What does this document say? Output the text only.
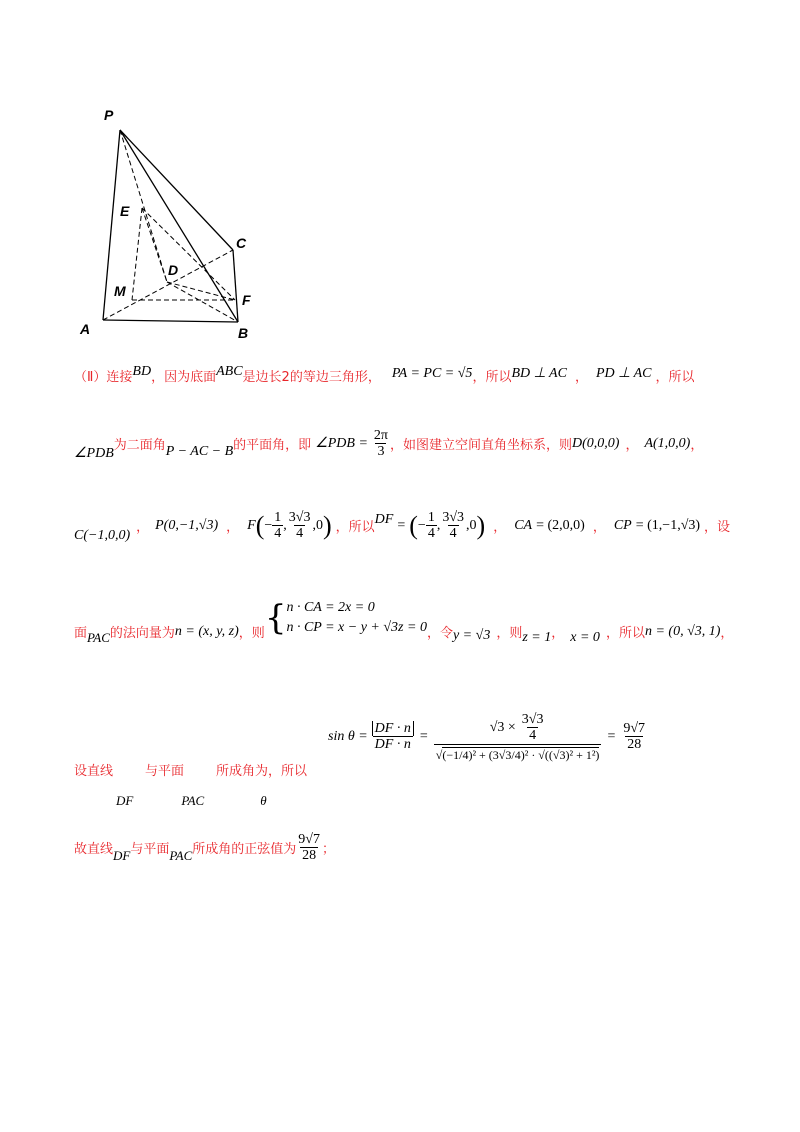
P
E
C
D
M
F
A	B
（Ⅱ）连接BD，因为底面ABC是边长2的等边三角形， PA = PC = √5，所以BD ⊥ AC ， PD ⊥ AC ，所以
∠PDB
为二面角 P − AC − B 的平面角，即 ∠PDB = $\frac{2\pi}{3}$ ，如图建立空间直角坐标系，则 D(0,0,0) ， A(1,0,0) ，
C(−1,0,0) ， P(0,−1,√3) ， F ( − $\frac{1}{4}$ , $\frac{3√3}{4} ,0$ ) ，所以
DF = ( − $\frac{1}{4}$ , $\frac{3√3}{4} ,0$ ) ， CA = (2,0,0) ， CP = (1,−1,√3) ，设
面 PAC 的法向量为 n = (x, y, z) ，则 { n · CA = 2x = 0
n · CP = x − y + √3z = 0 ，令 y = √3 ，则 z = 1 ， x = 0 ，所以 n = (0, √3, 1) ，
设直线 与平面 所成角为，所以
DF	PAC	θ
$\sin \theta = \frac{DF \cdot n}{DF \cdot n} = \frac{√3 \times \frac{3√3}{4}}{\text{√(−1/4)² + (3√3/4)² · √((√3)² + 1²)}} = \frac{9√7}{28}$
故直线 DF 与平面 PAC 所成角的正弦值为 $\frac{9√7}{28}$ ；
